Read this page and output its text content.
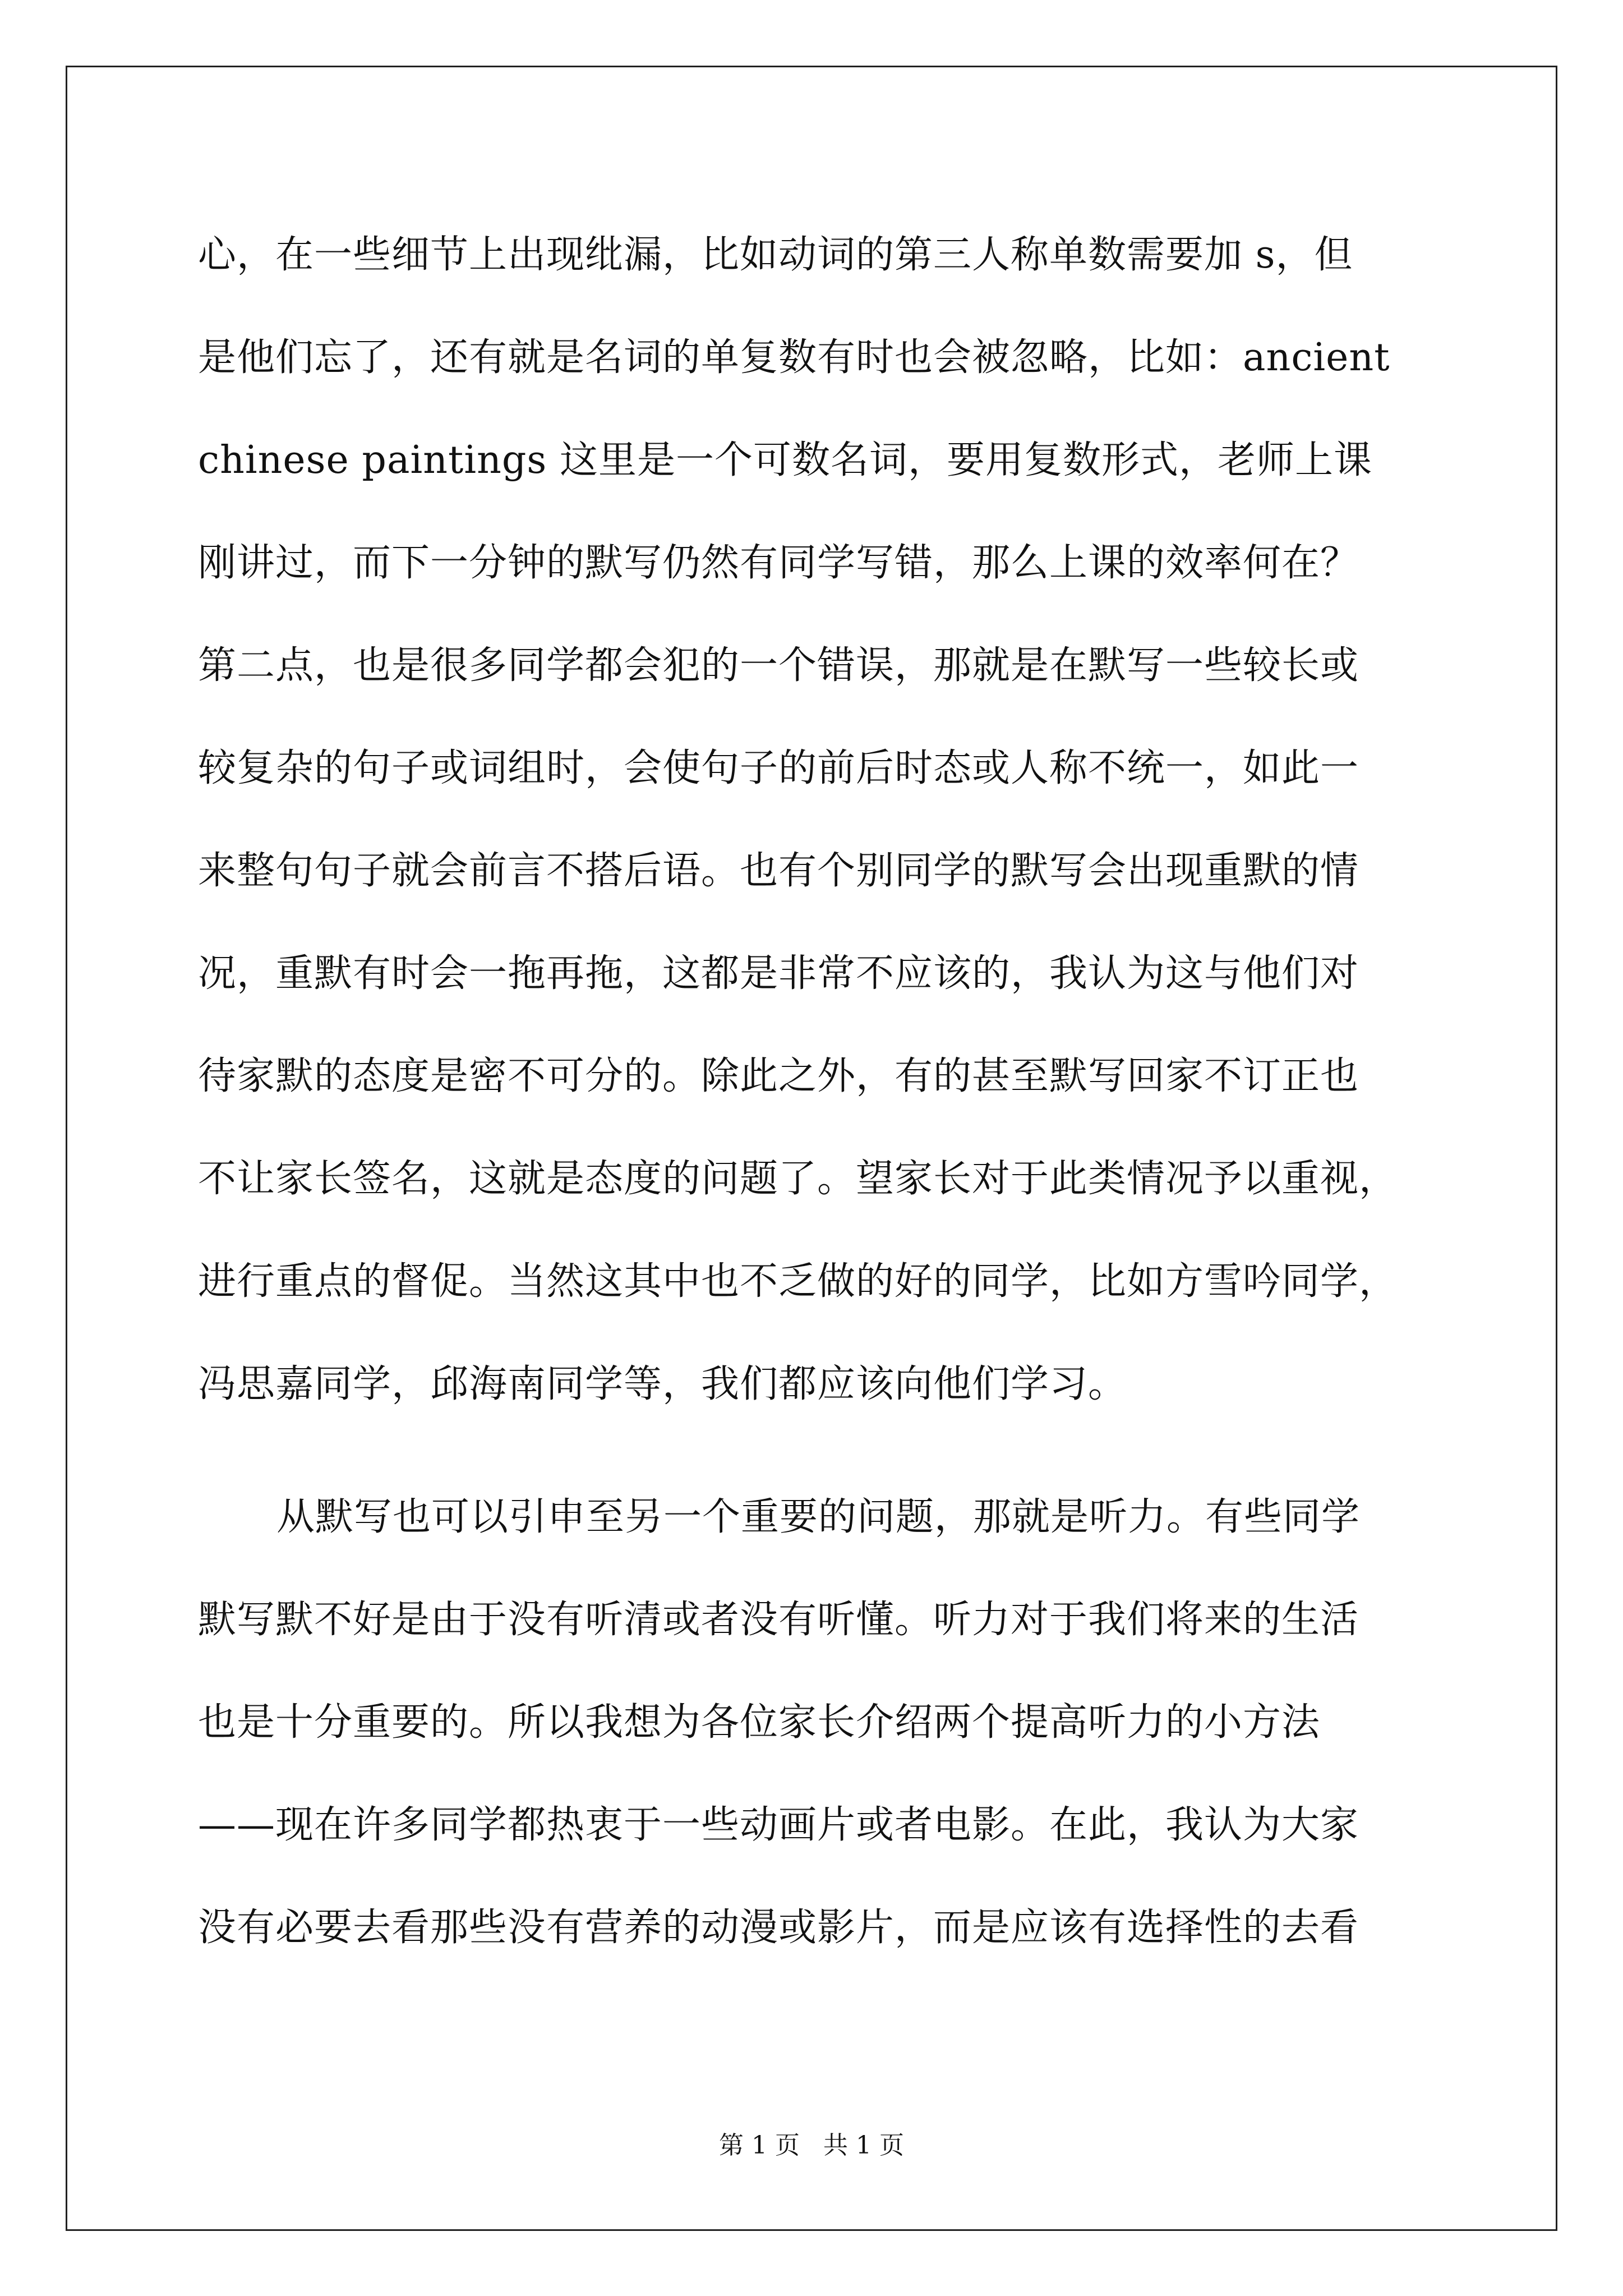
心，在一些细节上出现纰漏，比如动词的第三人称单数需要加 s，但
是他们忘了，还有就是名词的单复数有时也会被忽略，比如：ancient
chinese paintings 这里是一个可数名词，要用复数形式，老师上课
刚讲过，而下一分钟的默写仍然有同学写错，那么上课的效率何在？
第二点，也是很多同学都会犯的一个错误，那就是在默写一些较长或
较复杂的句子或词组时，会使句子的前后时态或人称不统一，如此一
来整句句子就会前言不搭后语。也有个别同学的默写会出现重默的情
况，重默有时会一拖再拖，这都是非常不应该的，我认为这与他们对
待家默的态度是密不可分的。除此之外，有的甚至默写回家不订正也
不让家长签名，这就是态度的问题了。望家长对于此类情况予以重视，
进行重点的督促。当然这其中也不乏做的好的同学，比如方雪吟同学，
冯思嘉同学，邱海南同学等，我们都应该向他们学习。
从默写也可以引申至另一个重要的问题，那就是听力。有些同学
默写默不好是由于没有听清或者没有听懂。听力对于我们将来的生活
也是十分重要的。所以我想为各位家长介绍两个提高听力的小方法
——现在许多同学都热衷于一些动画片或者电影。在此，我认为大家
没有必要去看那些没有营养的动漫或影片，而是应该有选择性的去看
第 1 页   共 1 页
